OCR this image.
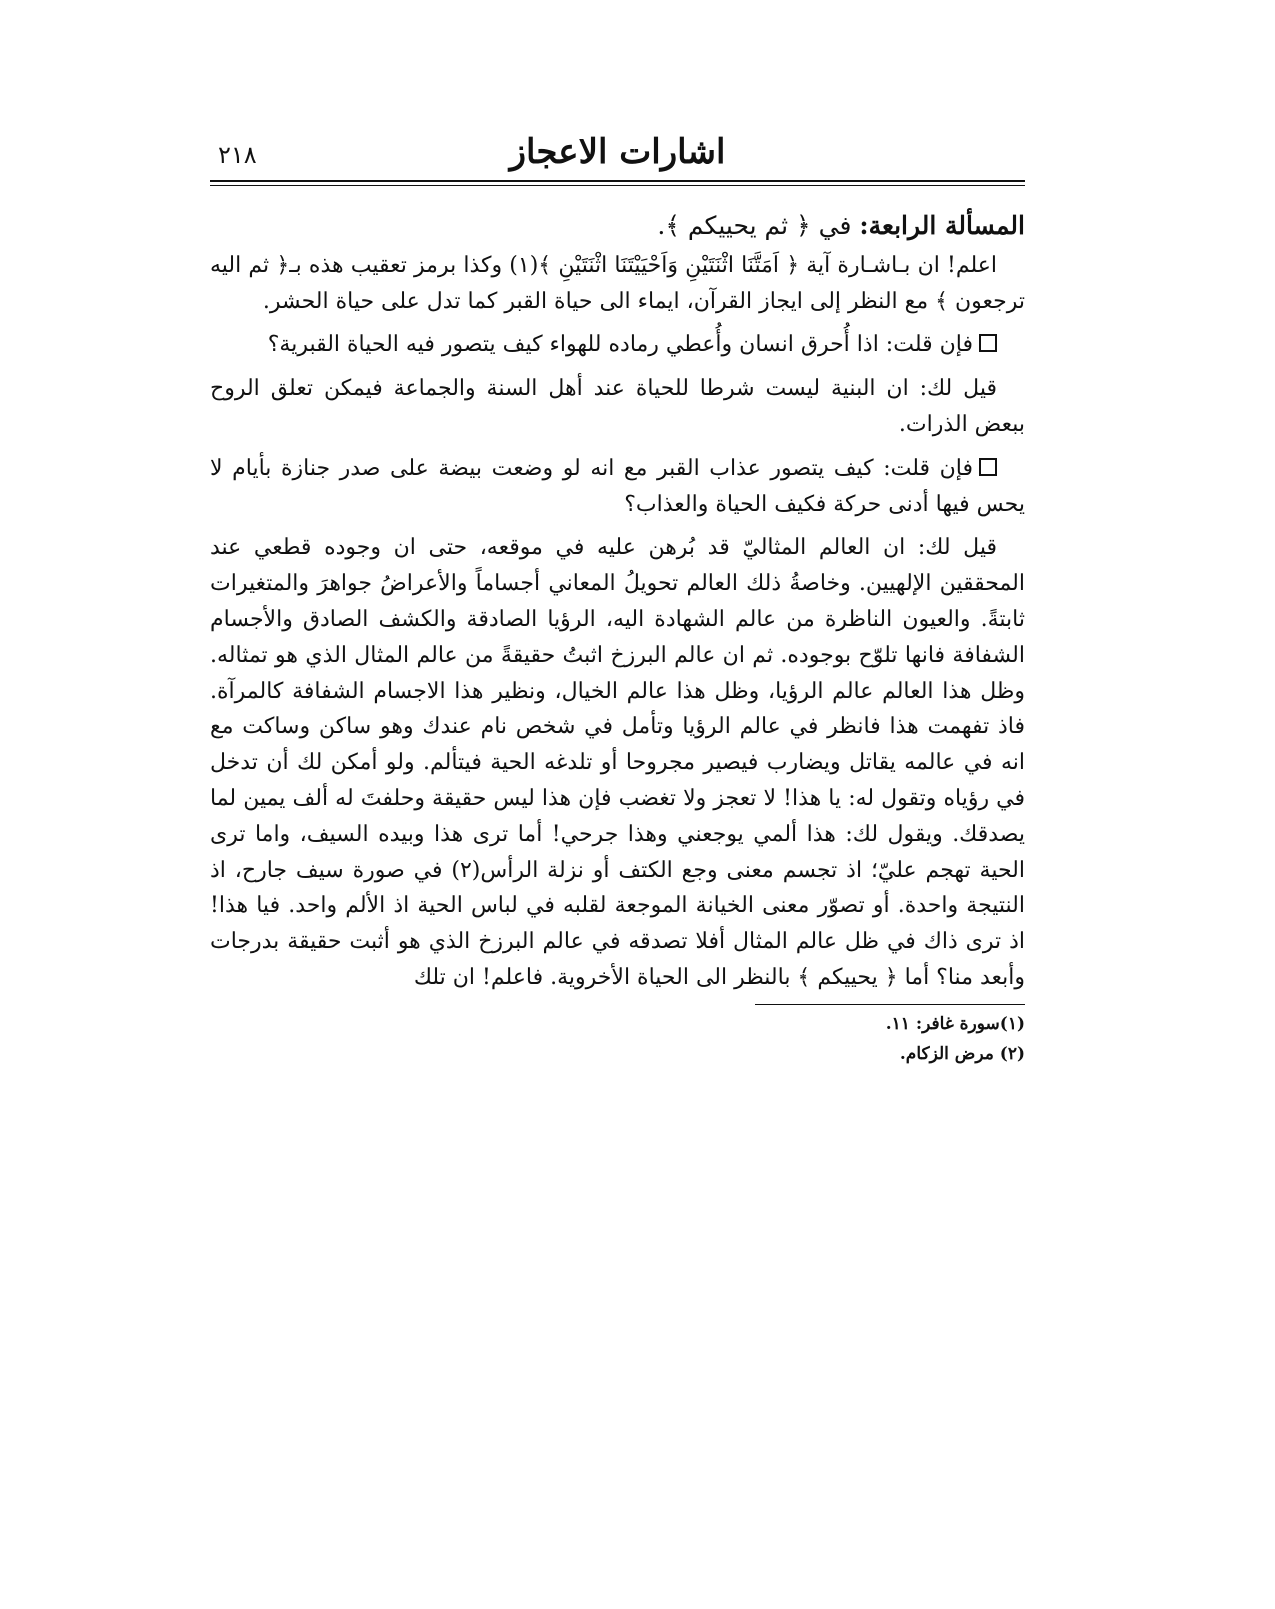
اشارات الاعجاز
٢١٨

المسألة الرابعة: في ﴿ ثم يحييكم ﴾.

اعلم! ان بـاشـارة آية ﴿ اَمَتَّنَا اثْنَتَيْنِ وَاَحْيَيْتَنَا اثْنَتَيْنِ ﴾(١) وكذا برمز تعقيب هذه بـ﴿ ثم اليه ترجعون ﴾ مع النظر إلى ايجاز القرآن، ايماء الى حياة القبر كما تدل على حياة الحشر.

فإن قلت: اذا أُحرق انسان وأُعطي رماده للهواء كيف يتصور فيه الحياة القبرية؟

قيل لك: ان البنية ليست شرطا للحياة عند أهل السنة والجماعة فيمكن تعلق الروح ببعض الذرات.

فإن قلت: كيف يتصور عذاب القبر مع انه لو وضعت بيضة على صدر جنازة بأيام لا يحس فيها أدنى حركة فكيف الحياة والعذاب؟

قيل لك: ان العالم المثاليّ قد بُرهن عليه في موقعه، حتى ان وجوده قطعي عند المحققين الإلهيين. وخاصةُ ذلك العالم تحويلُ المعاني أجساماً والأعراضُ جواهرَ والمتغيرات ثابتةً. والعيون الناظرة من عالم الشهادة اليه، الرؤيا الصادقة والكشف الصادق والأجسام الشفافة فانها تلوّح بوجوده. ثم ان عالم البرزخ اثبتُ حقيقةً من عالم المثال الذي هو تمثاله. وظل هذا العالم عالم الرؤيا، وظل هذا عالم الخيال، ونظير هذا الاجسام الشفافة كالمرآة. فاذ تفهمت هذا فانظر في عالم الرؤيا وتأمل في شخص نام عندك وهو ساكن وساكت مع انه في عالمه يقاتل ويضارب فيصير مجروحا أو تلدغه الحية فيتألم. ولو أمكن لك أن تدخل في رؤياه وتقول له: يا هذا! لا تعجز ولا تغضب فإن هذا ليس حقيقة وحلفتَ له ألف يمين لما يصدقك. ويقول لك: هذا ألمي يوجعني وهذا جرحي! أما ترى هذا وبيده السيف، واما ترى الحية تهجم عليّ؛ اذ تجسم معنى وجع الكتف أو نزلة الرأس(٢) في صورة سيف جارح، اذ النتيجة واحدة. أو تصوّر معنى الخيانة الموجعة لقلبه في لباس الحية اذ الألم واحد. فيا هذا! اذ ترى ذاك في ظل عالم المثال أفلا تصدقه في عالم البرزخ الذي هو أثبت حقيقة بدرجات وأبعد منا؟ أما ﴿ يحييكم ﴾ بالنظر الى الحياة الأخروية. فاعلم! ان تلك

(١)سورة غافر: ١١.
(٢) مرض الزكام.
